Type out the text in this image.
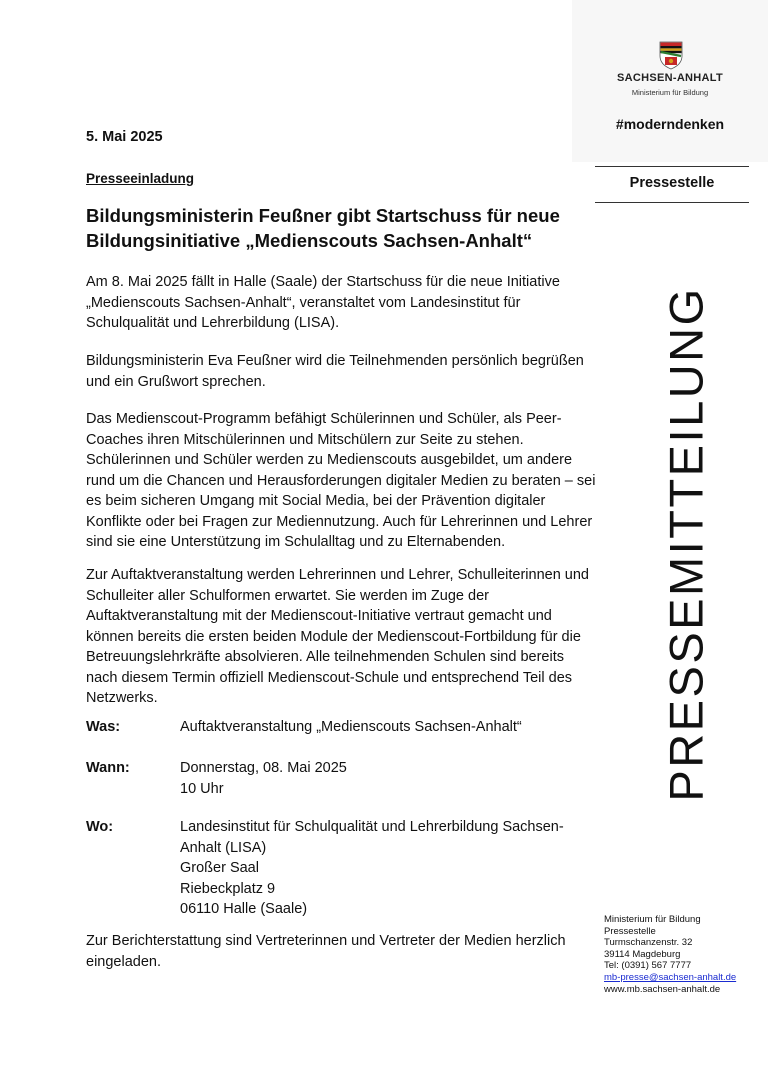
SACHSEN-ANHALT
Ministerium für Bildung
#moderndenken
Pressestelle
PRESSEMITTEILUNG
5. Mai 2025
Presseeinladung
Bildungsministerin Feußner gibt Startschuss für neue
Bildungsinitiative „Medienscouts Sachsen-Anhalt“
Am 8. Mai 2025 fällt in Halle (Saale) der Startschuss für die neue Initiative „Medienscouts Sachsen-Anhalt“, veranstaltet vom Landesinstitut für Schulqualität und Lehrerbildung (LISA).
Bildungsministerin Eva Feußner wird die Teilnehmenden persönlich begrüßen und ein Grußwort sprechen.
Das Medienscout-Programm befähigt Schülerinnen und Schüler, als Peer-Coaches ihren Mitschülerinnen und Mitschülern zur Seite zu stehen. Schülerinnen und Schüler werden zu Medienscouts ausgebildet, um andere rund um die Chancen und Herausforderungen digitaler Medien zu beraten – sei es beim sicheren Umgang mit Social Media, bei der Prävention digitaler Konflikte oder bei Fragen zur Mediennutzung. Auch für Lehrerinnen und Lehrer sind sie eine Unterstützung im Schulalltag und zu Elternabenden.
Zur Auftaktveranstaltung werden Lehrerinnen und Lehrer, Schulleiterinnen und Schulleiter aller Schulformen erwartet. Sie werden im Zuge der Auftaktveranstaltung mit der Medienscout-Initiative vertraut gemacht und können bereits die ersten beiden Module der Medienscout-Fortbildung für die Betreuungslehrkräfte absolvieren. Alle teilnehmenden Schulen sind bereits nach diesem Termin offiziell Medienscout-Schule und entsprechend Teil des Netzwerks.
Was:	Auftaktveranstaltung „Medienscouts Sachsen-Anhalt“
Wann:	Donnerstag, 08. Mai 2025
10 Uhr
Wo:	Landesinstitut für Schulqualität und Lehrerbildung Sachsen-
Anhalt (LISA)
Großer Saal
Riebeckplatz 9
06110 Halle (Saale)
Zur Berichterstattung sind Vertreterinnen und Vertreter der Medien herzlich eingeladen.
Ministerium für Bildung
Pressestelle
Turmschanzenstr. 32
39114 Magdeburg
Tel: (0391) 567 7777
mb-presse@sachsen-anhalt.de
www.mb.sachsen-anhalt.de
